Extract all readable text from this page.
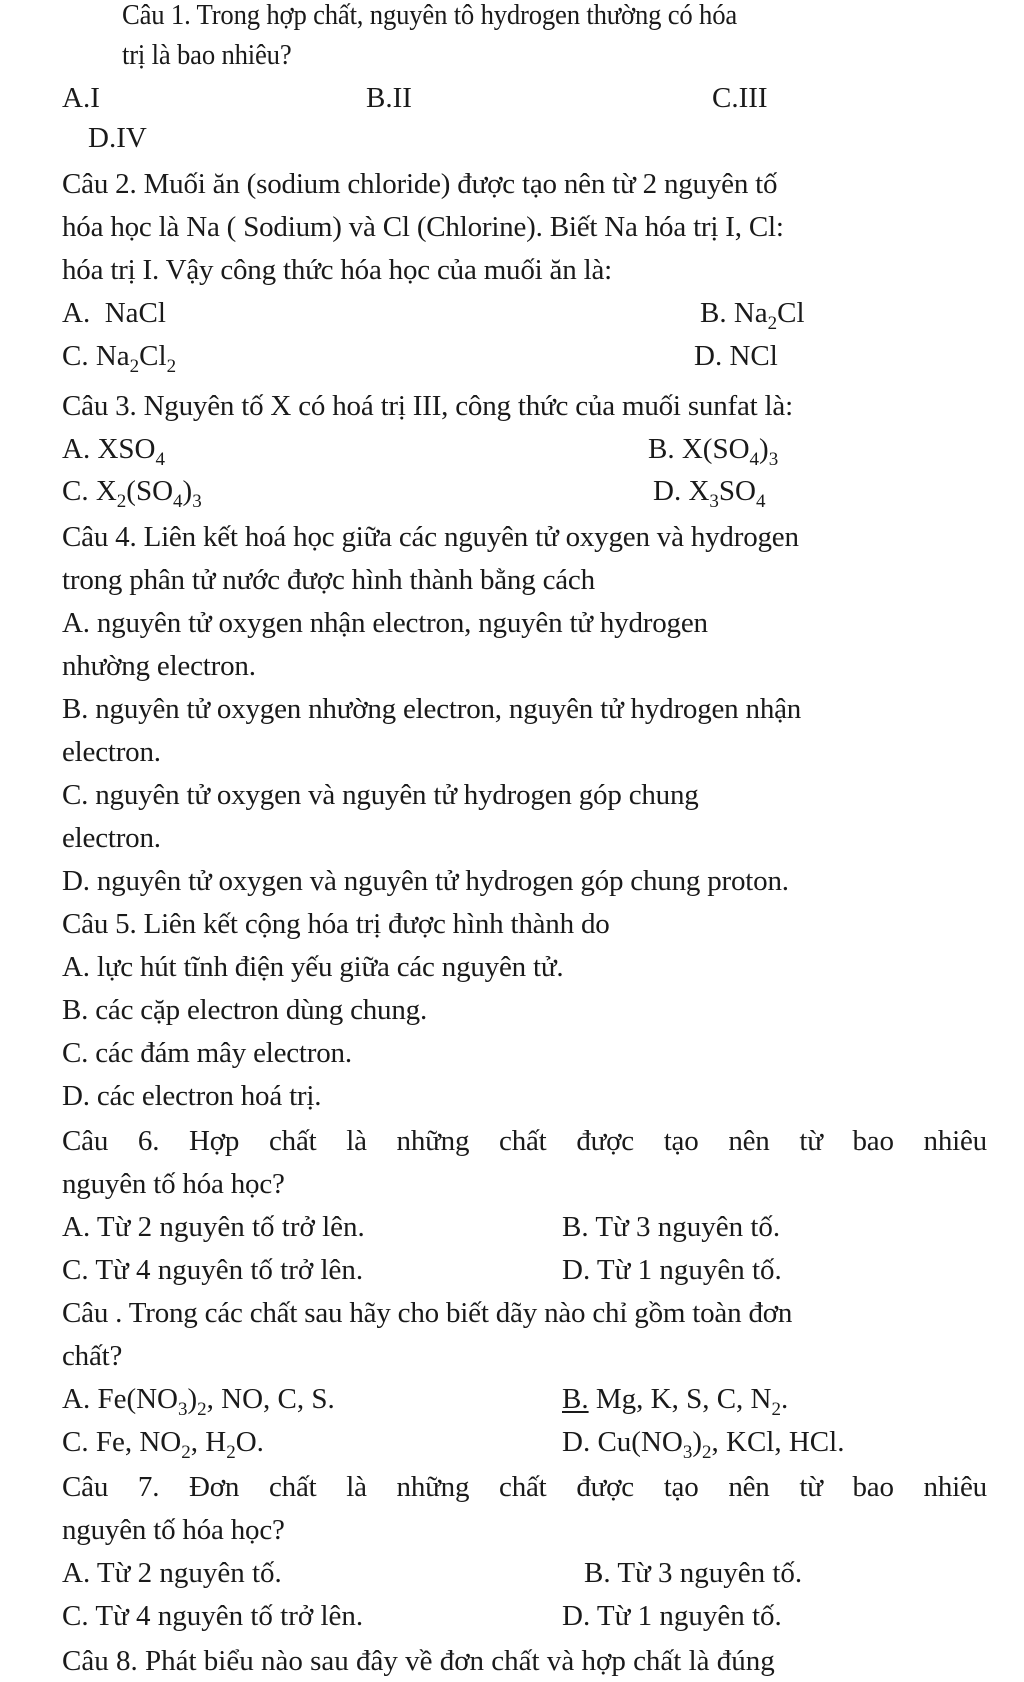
Câu 1. Trong hợp chất, nguyên tô hydrogen thường có hóa
trị là bao nhiêu?
A.I	B.II	C.III
D.IV
Câu 2. Muối ăn (sodium chloride) được tạo nên từ 2 nguyên tố
hóa học là Na ( Sodium) và Cl (Chlorine). Biết Na hóa trị I, Cl:
hóa trị I. Vậy công thức hóa học của muối ăn là:
A. NaCl	B. $Na_2Cl$
C. $Na_2Cl_2$	D. NCl
Câu 3. Nguyên tố X có hoá trị III, công thức của muối sunfat là:
A. $XSO_4$	B. $X(SO_4)_3$
C. $X_2(SO_4)_3$	D. $X_3SO_4$
Câu 4. Liên kết hoá học giữa các nguyên tử oxygen và hydrogen
trong phân tử nước được hình thành bằng cách
A. nguyên tử oxygen nhận electron, nguyên tử hydrogen
nhường electron.
B. nguyên tử oxygen nhường electron, nguyên tử hydrogen nhận
electron.
C. nguyên tử oxygen và nguyên tử hydrogen góp chung
electron.
D. nguyên tử oxygen và nguyên tử hydrogen góp chung proton.
Câu 5. Liên kết cộng hóa trị được hình thành do
A. lực hút tĩnh điện yếu giữa các nguyên tử.
B. các cặp electron dùng chung.
C. các đám mây electron.
D. các electron hoá trị.
Câu 6. Hợp chất là những chất được tạo nên từ bao nhiêu
nguyên tố hóa học?
A. Từ 2 nguyên tố trở lên.	B. Từ 3 nguyên tố.
C. Từ 4 nguyên tố trở lên.	D. Từ 1 nguyên tố.
Câu . Trong các chất sau hãy cho biết dãy nào chỉ gồm toàn đơn
chất?
A. $Fe(NO_3)_2$, NO, C, S.	B. Mg, K, S, C, $N_2$.
C. Fe, $NO_2$, $H_2O$.	D. $Cu(NO_3)_2$, KCl, HCl.
Câu 7. Đơn chất là những chất được tạo nên từ bao nhiêu
nguyên tố hóa học?
A. Từ 2 nguyên tố.	B. Từ 3 nguyên tố.
C. Từ 4 nguyên tố trở lên.	D. Từ 1 nguyên tố.
Câu 8. Phát biểu nào sau đây về đơn chất và hợp chất là đúng
